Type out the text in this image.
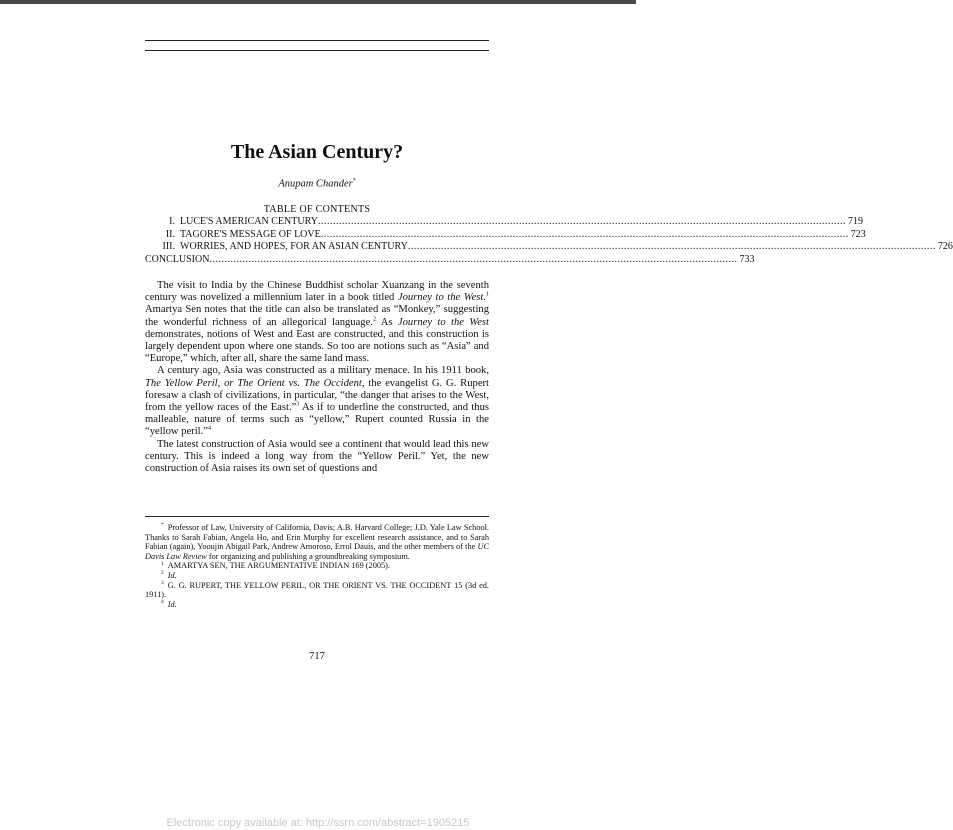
The Asian Century?
Anupam Chander*
TABLE OF CONTENTS
I. LUCE'S AMERICAN CENTURY ................................................................................................................................................................................ 719
II. TAGORE'S MESSAGE OF LOVE ................................................................................................................................................................................ 723
III. WORRIES, AND HOPES, FOR AN ASIAN CENTURY ................................................................................................................................................................................ 726
CONCLUSION ................................................................................................................................................................................ 733

The visit to India by the Chinese Buddhist scholar Xuanzang in the seventh century was novelized a millennium later in a book titled Journey to the West.$^1$ Amartya Sen notes that the title can also be translated as “Monkey,” suggesting the wonderful richness of an allegorical language.$^2$ As Journey to the West demonstrates, notions of West and East are constructed, and this construction is largely dependent upon where one stands. So too are notions such as “Asia” and “Europe,” which, after all, share the same land mass.

A century ago, Asia was constructed as a military menace. In his 1911 book, The Yellow Peril, or The Orient vs. The Occident, the evangelist G. G. Rupert foresaw a clash of civilizations, in particular, “the danger that arises to the West, from the yellow races of the East.”$^3$ As if to underline the constructed, and thus malleable, nature of terms such as “yellow,” Rupert counted Russia in the “yellow peril.”$^4$

The latest construction of Asia would see a continent that would lead this new century. This is indeed a long way from the “Yellow Peril.” Yet, the new construction of Asia raises its own set of questions and

* Professor of Law, University of California, Davis; A.B. Harvard College; J.D. Yale Law School. Thanks to Sarah Fabian, Angela Ho, and Erin Murphy for excellent research assistance, and to Sarah Fabian (again), Yooujin Abigail Park, Andrew Amoroso, Errol Dauis, and the other members of the UC Davis Law Review for organizing and publishing a groundbreaking symposium.

$^1$ AMARTYA SEN, THE ARGUMENTATIVE INDIAN 169 (2005).

$^2$ Id.

$^3$ G. G. RUPERT, THE YELLOW PERIL, OR THE ORIENT VS. THE OCCIDENT 15 (3d ed. 1911).

$^4$ Id.

717
Electronic copy available at: http://ssrn.com/abstract=1905215
